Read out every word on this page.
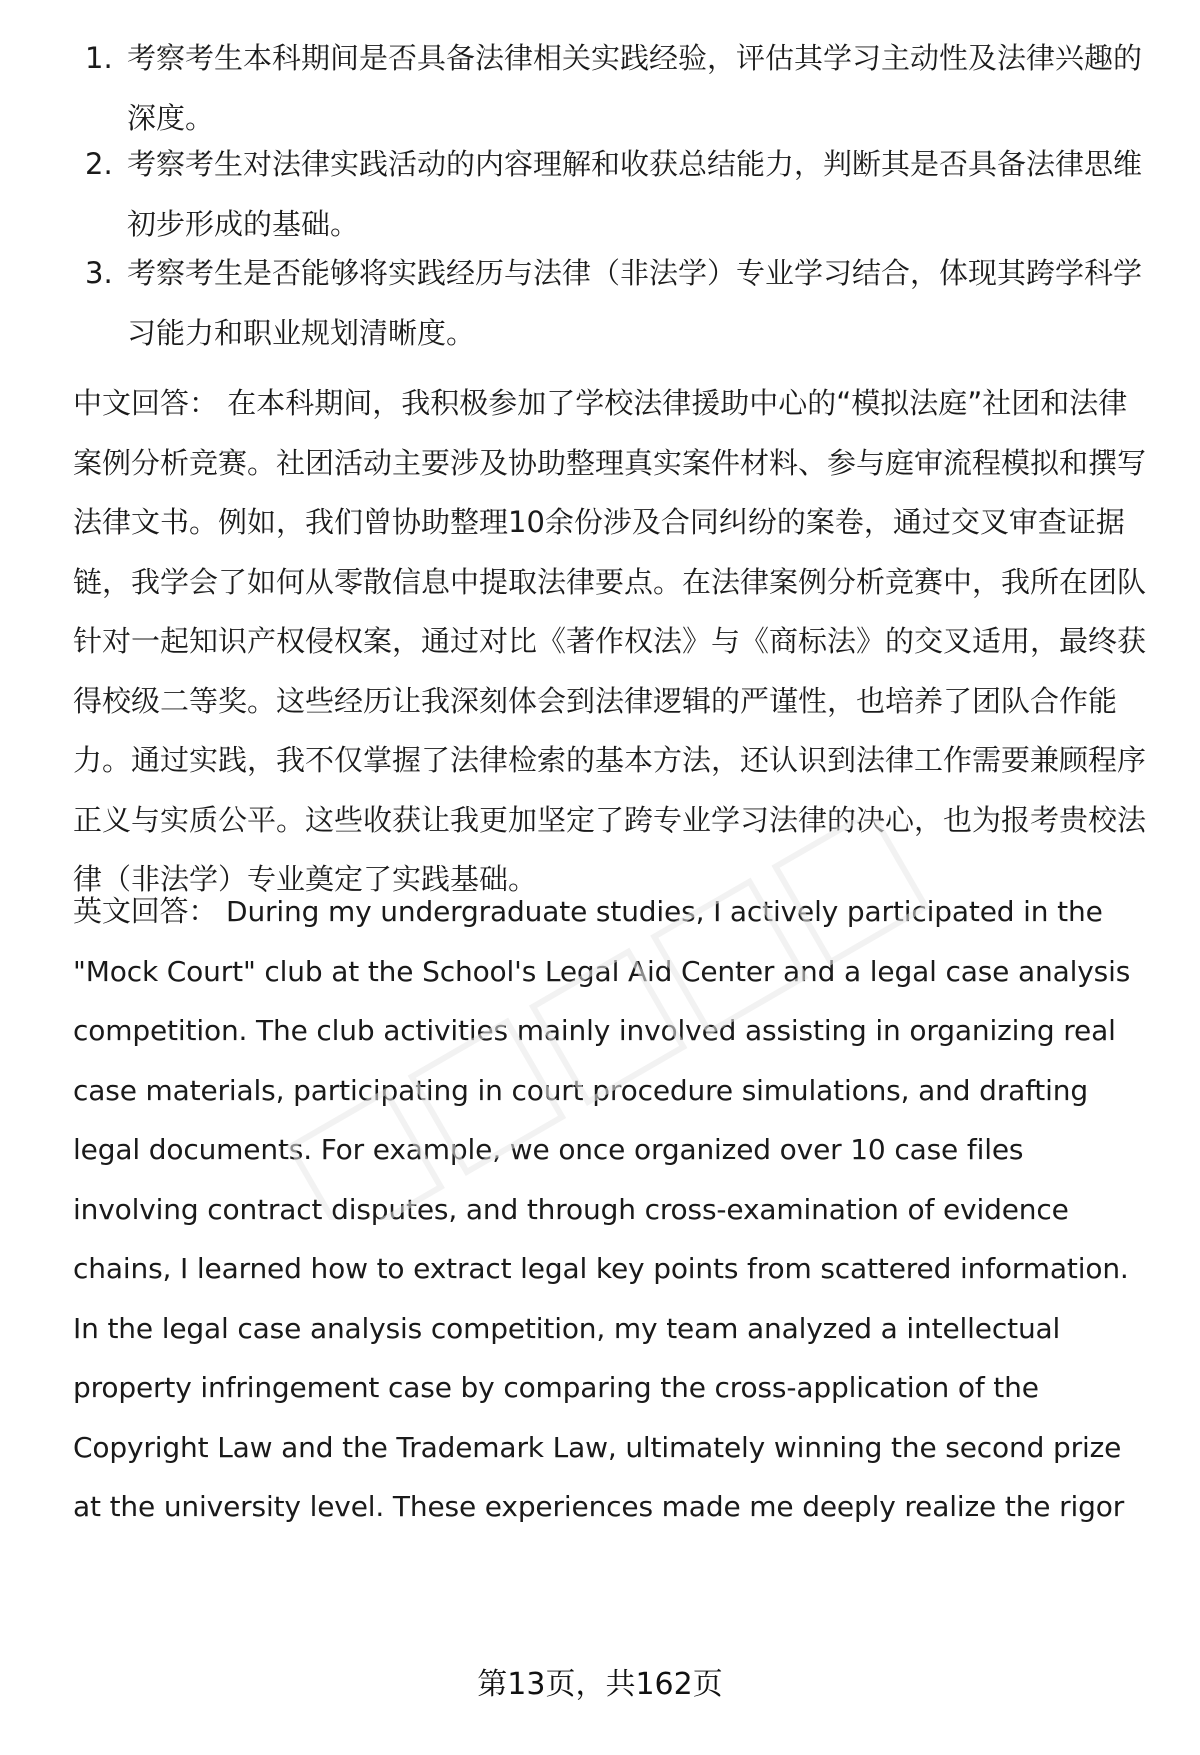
1. 考察考生本科期间是否具备法律相关实践经验，评估其学习主动性及法律兴趣的深度。
2. 考察考生对法律实践活动的内容理解和收获总结能力，判断其是否具备法律思维初步形成的基础。
3. 考察考生是否能够将实践经历与法律（非法学）专业学习结合，体现其跨学科学习能力和职业规划清晰度。

中文回答： 在本科期间，我积极参加了学校法律援助中心的“模拟法庭”社团和法律案例分析竞赛。社团活动主要涉及协助整理真实案件材料、参与庭审流程模拟和撰写法律文书。例如，我们曾协助整理10余份涉及合同纠纷的案卷，通过交叉审查证据链，我学会了如何从零散信息中提取法律要点。在法律案例分析竞赛中，我所在团队针对一起知识产权侵权案，通过对比《著作权法》与《商标法》的交叉适用，最终获得校级二等奖。这些经历让我深刻体会到法律逻辑的严谨性，也培养了团队合作能力。通过实践，我不仅掌握了法律检索的基本方法，还认识到法律工作需要兼顾程序正义与实质公平。这些收获让我更加坚定了跨专业学习法律的决心，也为报考贵校法律（非法学）专业奠定了实践基础。

英文回答： During my undergraduate studies, I actively participated in the "Mock Court" club at the School's Legal Aid Center and a legal case analysis competition. The club activities mainly involved assisting in organizing real case materials, participating in court procedure simulations, and drafting legal documents. For example, we once organized over 10 case files involving contract disputes, and through cross-examination of evidence chains, I learned how to extract legal key points from scattered information. In the legal case analysis competition, my team analyzed a intellectual property infringement case by comparing the cross-application of the Copyright Law and the Trademark Law, ultimately winning the second prize at the university level. These experiences made me deeply realize the rigor

第13页，共162页
